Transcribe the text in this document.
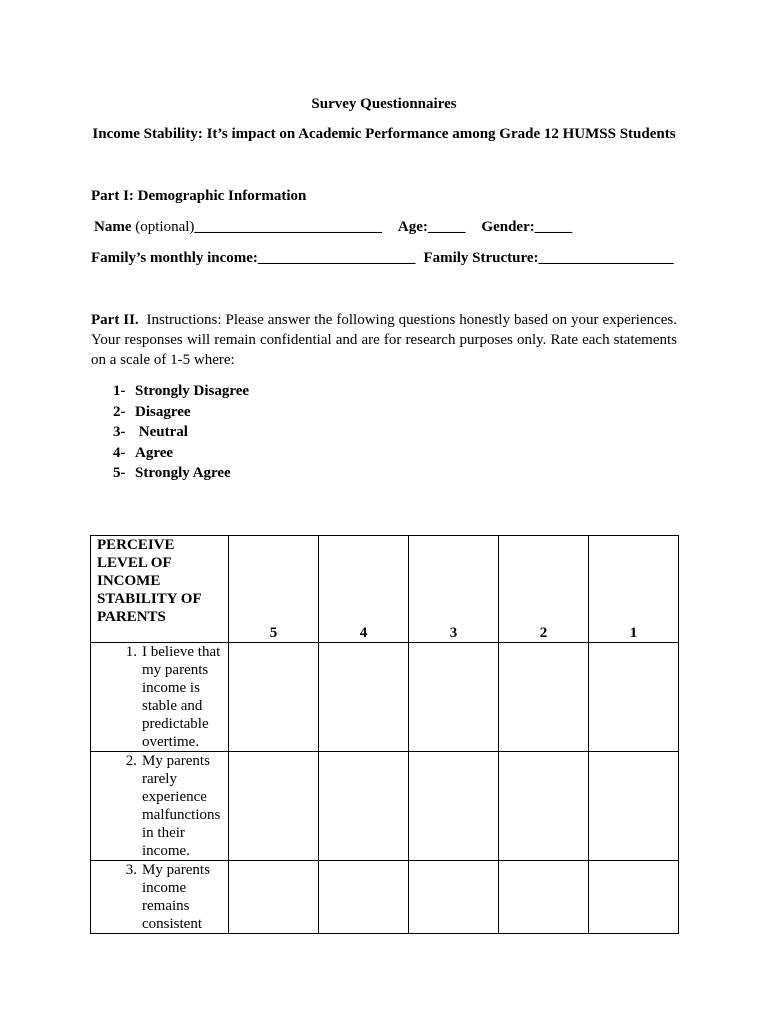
Survey Questionnaires
Income Stability: It’s impact on Academic Performance among Grade 12 HUMSS Students
Part I: Demographic Information
Name (optional)_________________________ Age:_____ Gender:_____
Family’s monthly income:_____________________ Family Structure:__________________
Part II. Instructions: Please answer the following questions honestly based on your experiences. Your responses will remain confidential and are for research purposes only. Rate each statements on a scale of 1-5 where:
1- Strongly Disagree
2- Disagree
3- Neutral
4- Agree
5- Strongly Agree
PERCEIVE LEVEL OF INCOME STABILITY OF PARENTS	5	4	3	2	1

1. I believe that my parents income is stable and predictable overtime.					

2. My parents rarely experience malfunctions in their income.					

3. My parents income remains consistent					
